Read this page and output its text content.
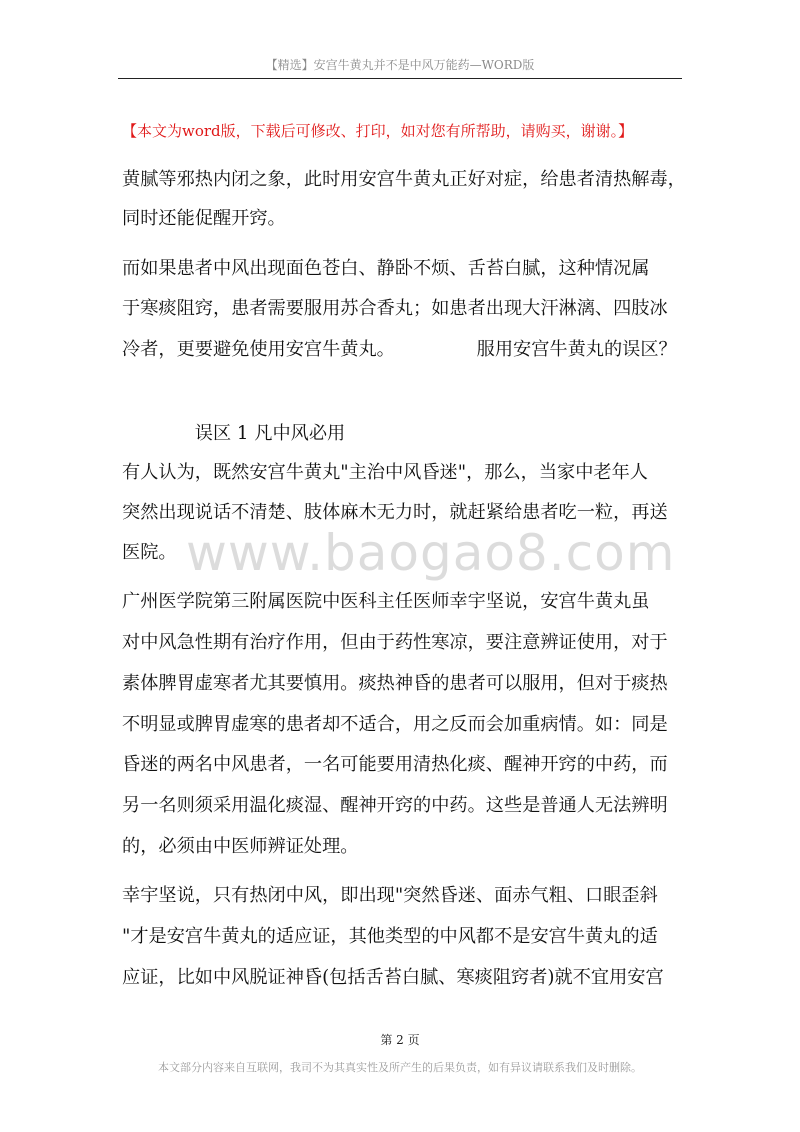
【精选】安宫牛黄丸并不是中风万能药—WORD版
【本文为word版，下载后可修改、打印，如对您有所帮助，请购买，谢谢。】
www.baogao8.com
黄腻等邪热内闭之象，此时用安宫牛黄丸正好对症，给患者清热解毒，
同时还能促醒开窍。
而如果患者中风出现面色苍白、静卧不烦、舌苔白腻，这种情况属
于寒痰阻窍，患者需要服用苏合香丸；如患者出现大汗淋漓、四肢冰
冷者，更要避免使用安宫牛黄丸。　　　　　服用安宫牛黄丸的误区？
　　　　误区 1 凡中风必用
有人认为，既然安宫牛黄丸"主治中风昏迷"，那么，当家中老年人
突然出现说话不清楚、肢体麻木无力时，就赶紧给患者吃一粒，再送
医院。
广州医学院第三附属医院中医科主任医师幸宇坚说，安宫牛黄丸虽
对中风急性期有治疗作用，但由于药性寒凉，要注意辨证使用，对于
素体脾胃虚寒者尤其要慎用。痰热神昏的患者可以服用，但对于痰热
不明显或脾胃虚寒的患者却不适合，用之反而会加重病情。如：同是
昏迷的两名中风患者，一名可能要用清热化痰、醒神开窍的中药，而
另一名则须采用温化痰湿、醒神开窍的中药。这些是普通人无法辨明
的，必须由中医师辨证处理。
幸宇坚说，只有热闭中风，即出现"突然昏迷、面赤气粗、口眼歪斜
"才是安宫牛黄丸的适应证，其他类型的中风都不是安宫牛黄丸的适
应证，比如中风脱证神昏(包括舌苔白腻、寒痰阻窍者)就不宜用安宫
第 2 页
本文部分内容来自互联网，我司不为其真实性及所产生的后果负责，如有异议请联系我们及时删除。
